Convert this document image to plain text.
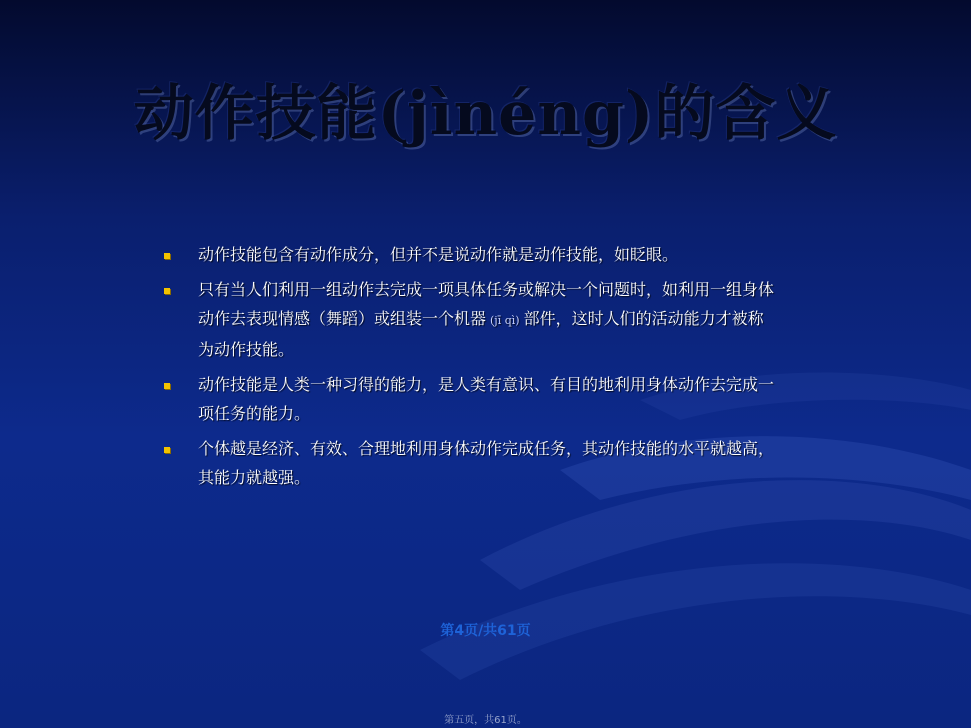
动作技能(jìnéng)的含义
动作技能包含有动作成分，但并不是说动作就是动作技能，如眨眼。
只有当人们利用一组动作去完成一项具体任务或解决一个问题时，如利用一组身体
动作去表现情感（舞蹈）或组装一个机器 (jī qì) 部件，这时人们的活动能力才被称
为动作技能。
动作技能是人类一种习得的能力，是人类有意识、有目的地利用身体动作去完成一
项任务的能力。
个体越是经济、有效、合理地利用身体动作完成任务，其动作技能的水平就越高，
其能力就越强。
第4页/共61页
第五页，共61页。
